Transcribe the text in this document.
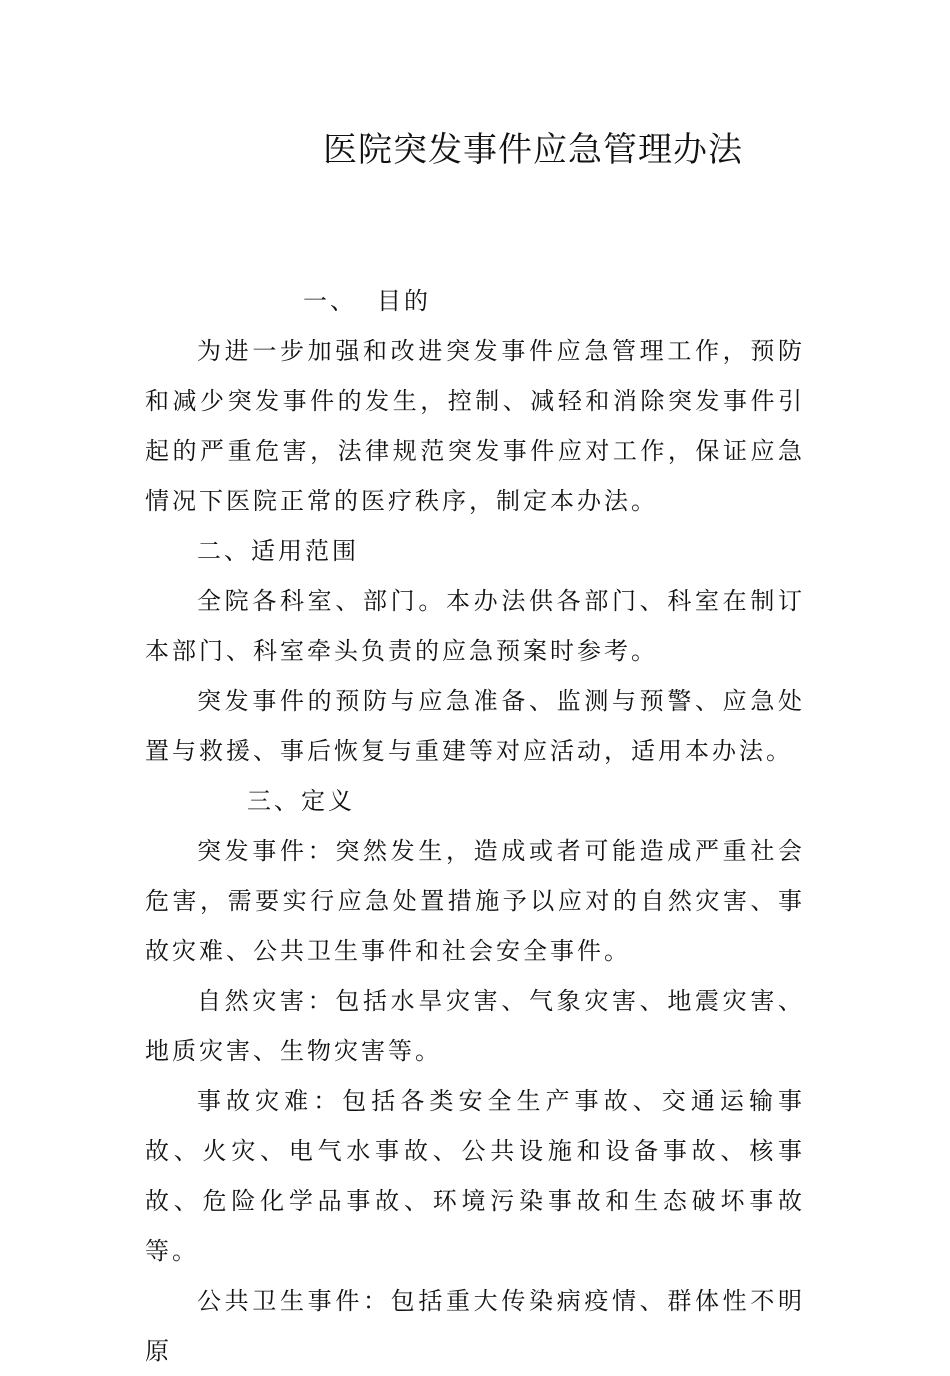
医院突发事件应急管理办法

一、 目的

为进一步加强和改进突发事件应急管理工作，预防和减少突发事件的发生，控制、减轻和消除突发事件引起的严重危害，法律规范突发事件应对工作，保证应急情况下医院正常的医疗秩序，制定本办法。

二、适用范围

全院各科室、部门。本办法供各部门、科室在制订本部门、科室牵头负责的应急预案时参考。

突发事件的预防与应急准备、监测与预警、应急处置与救援、事后恢复与重建等对应活动，适用本办法。

三、定义

突发事件：突然发生，造成或者可能造成严重社会危害，需要实行应急处置措施予以应对的自然灾害、事故灾难、公共卫生事件和社会安全事件。

自然灾害：包括水旱灾害、气象灾害、地震灾害、地质灾害、生物灾害等。

事故灾难：包括各类安全生产事故、交通运输事故、火灾、电气水事故、公共设施和设备事故、核事故、危险化学品事故、环境污染事故和生态破坏事故等。

公共卫生事件：包括重大传染病疫情、群体性不明原
